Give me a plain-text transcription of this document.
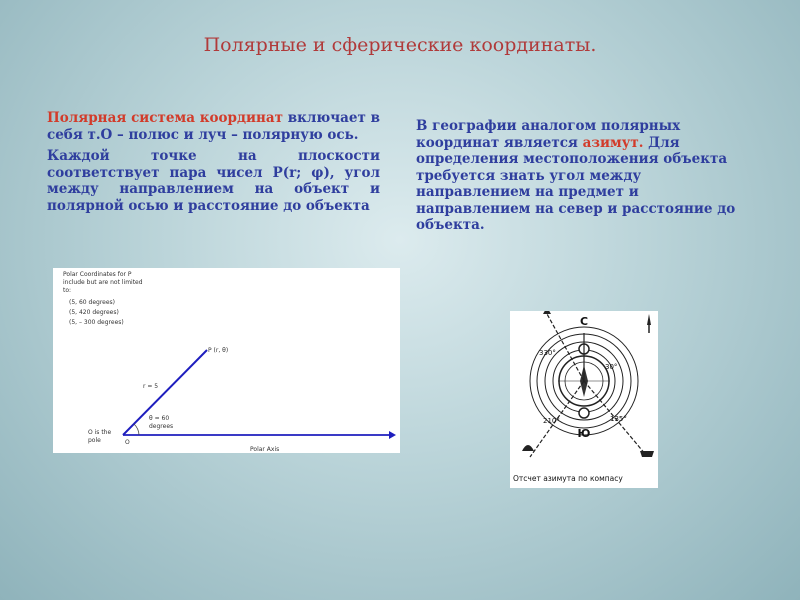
Полярные и сферические координаты.

Полярная система координат включает в себя т.О – полюс и луч – полярную ось.

Каждой точке на плоскости соответствует пара чисел Р(r; φ), угол между направлением на объект и полярной осью и расстояние до объекта

В географии аналогом полярных координат является азимут. Для определения местоположения объекта требуется знать угол между направлением на предмет и направлением на север и расстояние до объекта.
Polar Coordinates for P
include but are not limited
to:
(5, 60 degrees)
(5, 420 degrees)
(5, – 300 degrees)
P (r, θ)
r = 5
θ = 60
degrees
O is the
pole	O
Polar Axis
С
Ю
330°
30°
210°	135°
Отсчет азимута по компасу
